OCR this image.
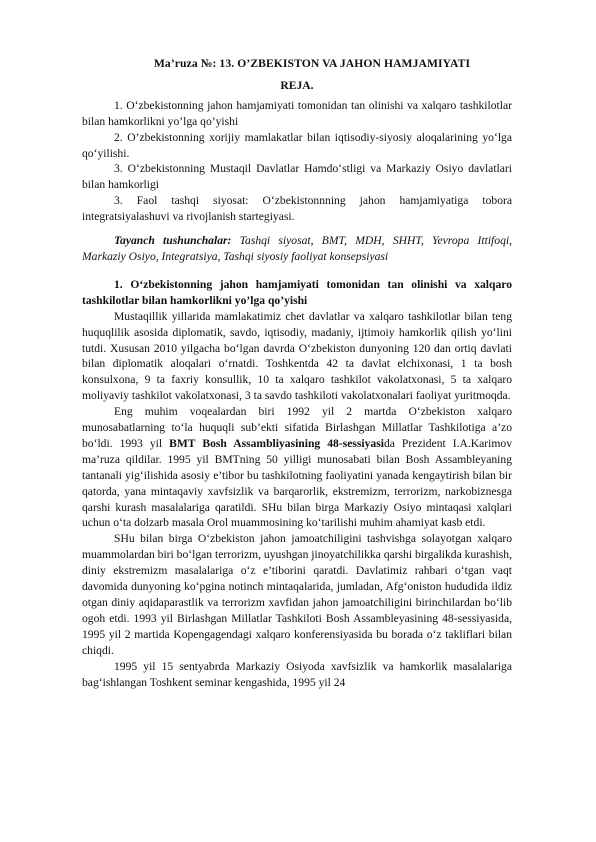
Ma’ruza №: 13. O’ZBEKISTON VA JAHON HAMJAMIYATI

REJA.

1. O‘zbekistonning jahon hamjamiyati tomonidan tan olinishi va xalqaro tashkilotlar bilan hamkorlikni yo’lga qo’yishi

2. O’zbekistonning xorijiy mamlakatlar bilan iqtisodiy-siyosiy aloqalarining yo‘lga qo‘yilishi.

3. O‘zbekistonning Mustaqil Davlatlar Hamdo‘stligi va Markaziy Osiyo davlatlari bilan hamkorligi

3. Faol tashqi siyosat: O‘zbekistonnning jahon hamjamiyatiga tobora integratsiyalashuvi va rivojlanish startegiyasi.

Tayanch tushunchalar: Tashqi siyosat, BMT, MDH, SHHT, Yevropa Ittifoqi, Markaziy Osiyo, Integratsiya, Tashqi siyosiy faoliyat konsepsiyasi

1. O‘zbekistonning jahon hamjamiyati tomonidan tan olinishi va xalqaro tashkilotlar bilan hamkorlikni yo’lga qo’yishi

Mustaqillik yillarida mamlakatimiz chet davlatlar va xalqaro tashkilotlar bilan teng huquqlilik asosida diplomatik, savdo, iqtisodiy, madaniy, ijtimoiy hamkorlik qilish yo‘lini tutdi. Xususan 2010 yilgacha bo‘lgan davrda O‘zbekiston dunyoning 120 dan ortiq davlati bilan diplomatik aloqalari o‘rnatdi. Toshkentda 42 ta davlat elchixonasi, 1 ta bosh konsulxona, 9 ta faxriy konsullik, 10 ta xalqaro tashkilot vakolatxonasi, 5 ta xalqaro moliyaviy tashkilot vakolatxonasi, 3 ta savdo tashkiloti vakolatxonalari faoliyat yuritmoqda.

Eng muhim voqealardan biri 1992 yil 2 martda O‘zbekiston xalqaro munosabatlarning to‘la huquqli sub’ekti sifatida Birlashgan Millatlar Tashkilotiga a’zo bo‘ldi. 1993 yil BMT Bosh Assambliyasining 48-sessiyasida Prezident I.A.Karimov ma’ruza qildilar. 1995 yil BMTning 50 yilligi munosabati bilan Bosh Assambleyaning tantanali yig‘ilishida asosiy e’tibor bu tashkilotning faoliyatini yanada kengaytirish bilan bir qatorda, yana mintaqaviy xavfsizlik va barqarorlik, ekstremizm, terrorizm, narkobiznesga qarshi kurash masalalariga qaratildi. SHu bilan birga Markaziy Osiyo mintaqasi xalqlari uchun o‘ta dolzarb masala Orol muammosining ko‘tarilishi muhim ahamiyat kasb etdi.

SHu bilan birga O‘zbekiston jahon jamoatchiligini tashvishga solayotgan xalqaro muammolardan biri bo‘lgan terrorizm, uyushgan jinoyatchilikka qarshi birgalikda kurashish, diniy ekstremizm masalalariga o‘z e’tiborini qaratdi. Davlatimiz rahbari o‘tgan vaqt davomida dunyoning ko‘pgina notinch mintaqalarida, jumladan, Afg‘oniston hududida ildiz otgan diniy aqidaparastlik va terrorizm xavfidan jahon jamoatchiligini birinchilardan bo‘lib ogoh etdi. 1993 yil Birlashgan Millatlar Tashkiloti Bosh Assambleyasining 48-sessiyasida, 1995 yil 2 martida Kopengagendagi xalqaro konferensiyasida bu borada o‘z takliflari bilan chiqdi.

1995 yil 15 sentyabrda Markaziy Osiyoda xavfsizlik va hamkorlik masalalariga bag‘ishlangan Toshkent seminar kengashida, 1995 yil 24
